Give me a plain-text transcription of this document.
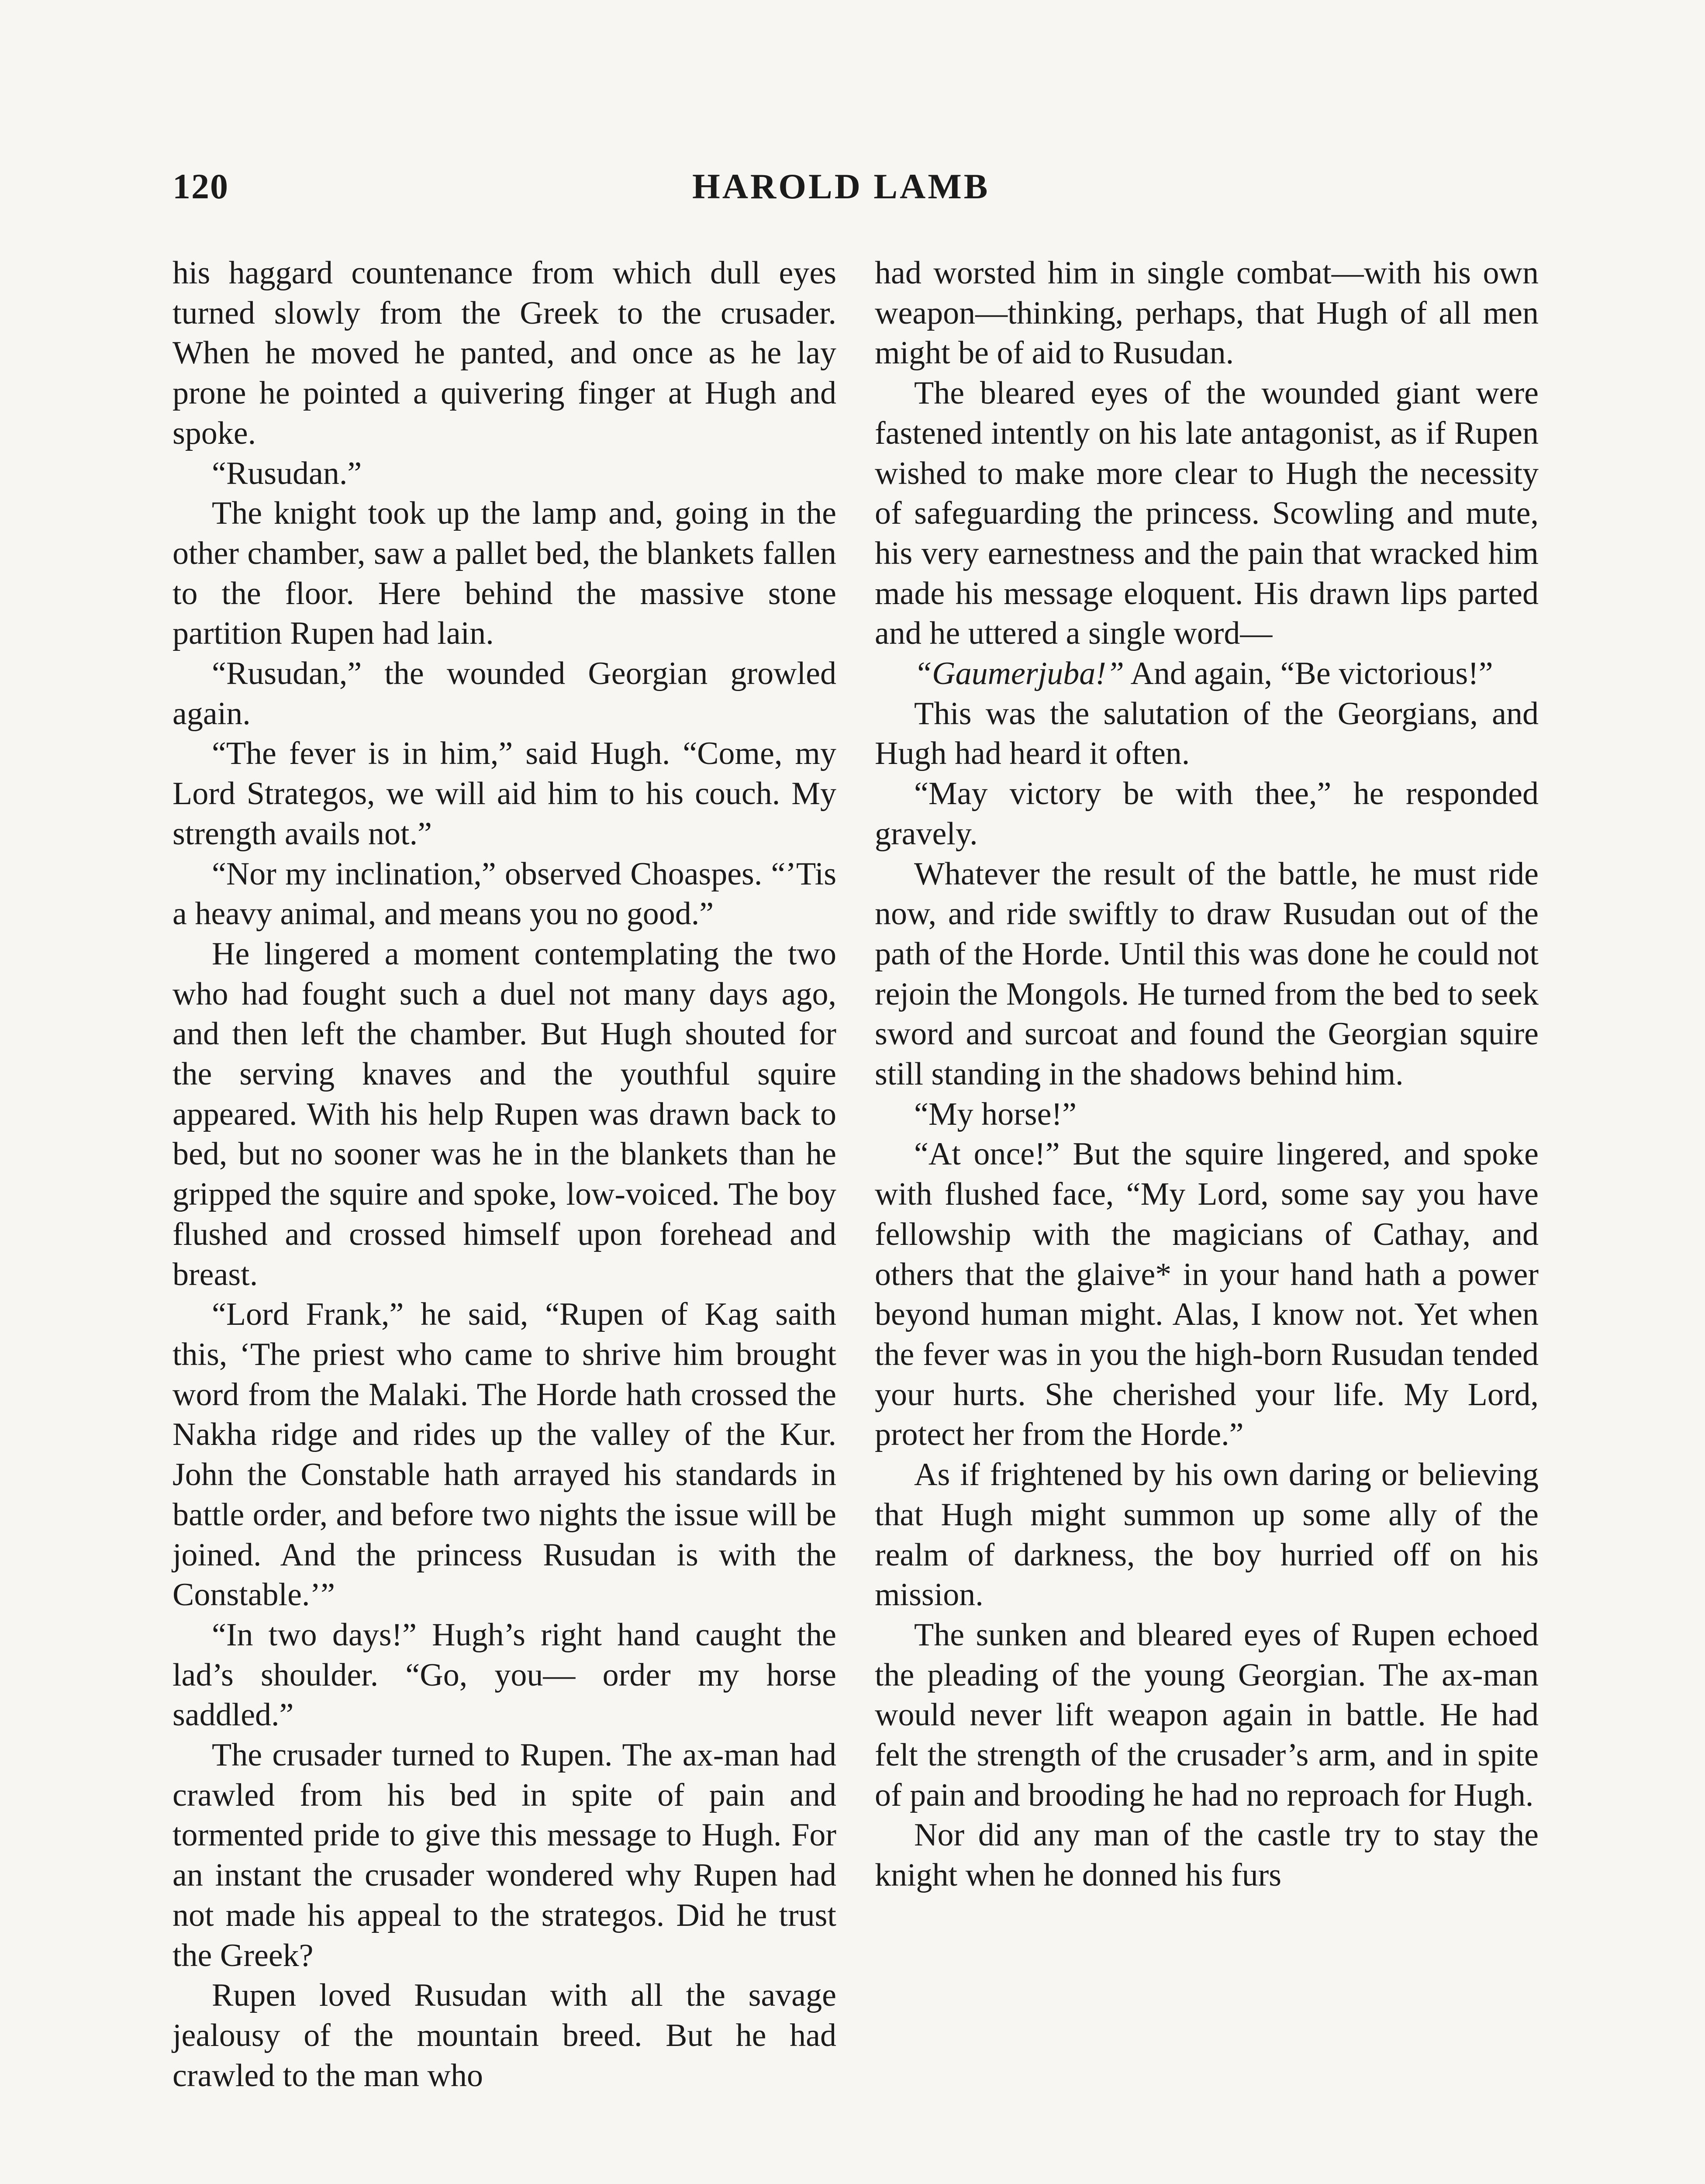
120	HAROLD LAMB

his haggard countenance from which dull eyes turned slowly from the Greek to the crusader. When he moved he panted, and once as he lay prone he pointed a quivering finger at Hugh and spoke.

“Rusudan.”

The knight took up the lamp and, going in the other chamber, saw a pallet bed, the blankets fallen to the floor. Here behind the massive stone partition Rupen had lain.

“Rusudan,” the wounded Georgian growled again.

“The fever is in him,” said Hugh. “Come, my Lord Strategos, we will aid him to his couch. My strength avails not.”

“Nor my inclination,” observed Choaspes. “’Tis a heavy animal, and means you no good.”

He lingered a moment contemplating the two who had fought such a duel not many days ago, and then left the chamber. But Hugh shouted for the serving knaves and the youthful squire appeared. With his help Rupen was drawn back to bed, but no sooner was he in the blankets than he gripped the squire and spoke, low-voiced. The boy flushed and crossed himself upon forehead and breast.

“Lord Frank,” he said, “Rupen of Kag saith this, ‘The priest who came to shrive him brought word from the Malaki. The Horde hath crossed the Nakha ridge and rides up the valley of the Kur. John the Constable hath arrayed his standards in battle order, and before two nights the issue will be joined. And the princess Rusudan is with the Constable.’”

“In two days!” Hugh’s right hand caught the lad’s shoulder. “Go, you— order my horse saddled.”

The crusader turned to Rupen. The ax-man had crawled from his bed in spite of pain and tormented pride to give this message to Hugh. For an instant the crusader wondered why Rupen had not made his appeal to the strategos. Did he trust the Greek?

Rupen loved Rusudan with all the savage jealousy of the mountain breed. But he had crawled to the man who

had worsted him in single combat—with his own weapon—thinking, perhaps, that Hugh of all men might be of aid to Rusudan.

The bleared eyes of the wounded giant were fastened intently on his late antagonist, as if Rupen wished to make more clear to Hugh the necessity of safeguarding the princess. Scowling and mute, his very earnestness and the pain that wracked him made his message eloquent. His drawn lips parted and he uttered a single word—

“Gaumerjuba!” And again, “Be victorious!”

This was the salutation of the Georgians, and Hugh had heard it often.

“May victory be with thee,” he responded gravely.

Whatever the result of the battle, he must ride now, and ride swiftly to draw Rusudan out of the path of the Horde. Until this was done he could not rejoin the Mongols. He turned from the bed to seek sword and surcoat and found the Georgian squire still standing in the shadows behind him.

“My horse!”

“At once!” But the squire lingered, and spoke with flushed face, “My Lord, some say you have fellowship with the magicians of Cathay, and others that the glaive* in your hand hath a power beyond human might. Alas, I know not. Yet when the fever was in you the high-born Rusudan tended your hurts. She cherished your life. My Lord, protect her from the Horde.”

As if frightened by his own daring or believing that Hugh might summon up some ally of the realm of darkness, the boy hurried off on his mission.

The sunken and bleared eyes of Rupen echoed the pleading of the young Georgian. The ax-man would never lift weapon again in battle. He had felt the strength of the crusader’s arm, and in spite of pain and brooding he had no reproach for Hugh.

Nor did any man of the castle try to stay the knight when he donned his furs
